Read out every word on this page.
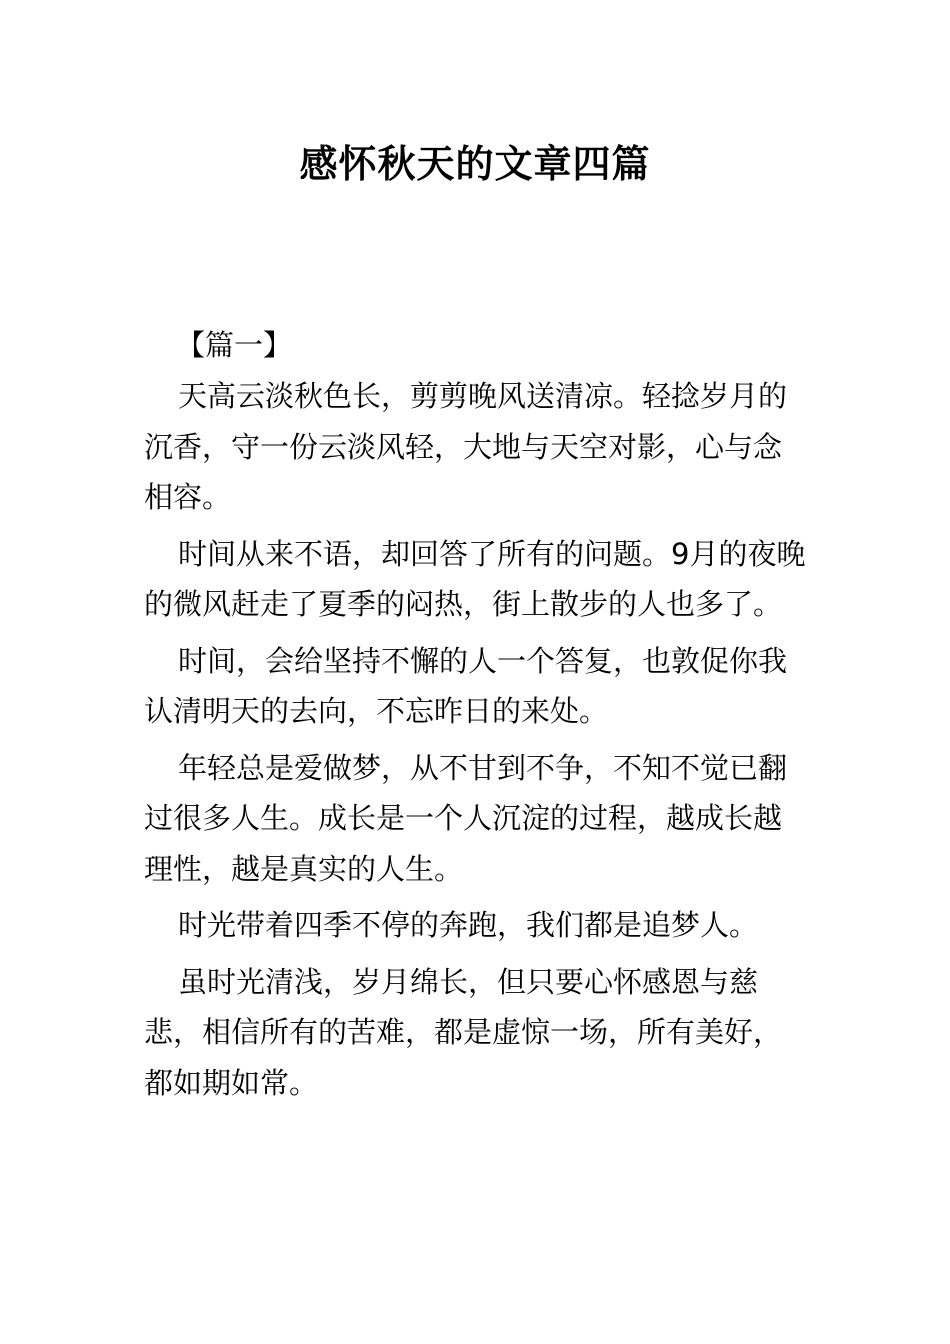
感怀秋天的文章四篇
【篇一】

天高云淡秋色长，剪剪晚风送清凉。轻捻岁月的沉香，守一份云淡风轻，大地与天空对影，心与念相容。

时间从来不语，却回答了所有的问题。9月的夜晚的微风赶走了夏季的闷热，街上散步的人也多了。

时间，会给坚持不懈的人一个答复，也敦促你我认清明天的去向，不忘昨日的来处。

年轻总是爱做梦，从不甘到不争，不知不觉已翻过很多人生。成长是一个人沉淀的过程，越成长越理性，越是真实的人生。

时光带着四季不停的奔跑，我们都是追梦人。

虽时光清浅，岁月绵长，但只要心怀感恩与慈悲，相信所有的苦难，都是虚惊一场，所有美好，都如期如常。
